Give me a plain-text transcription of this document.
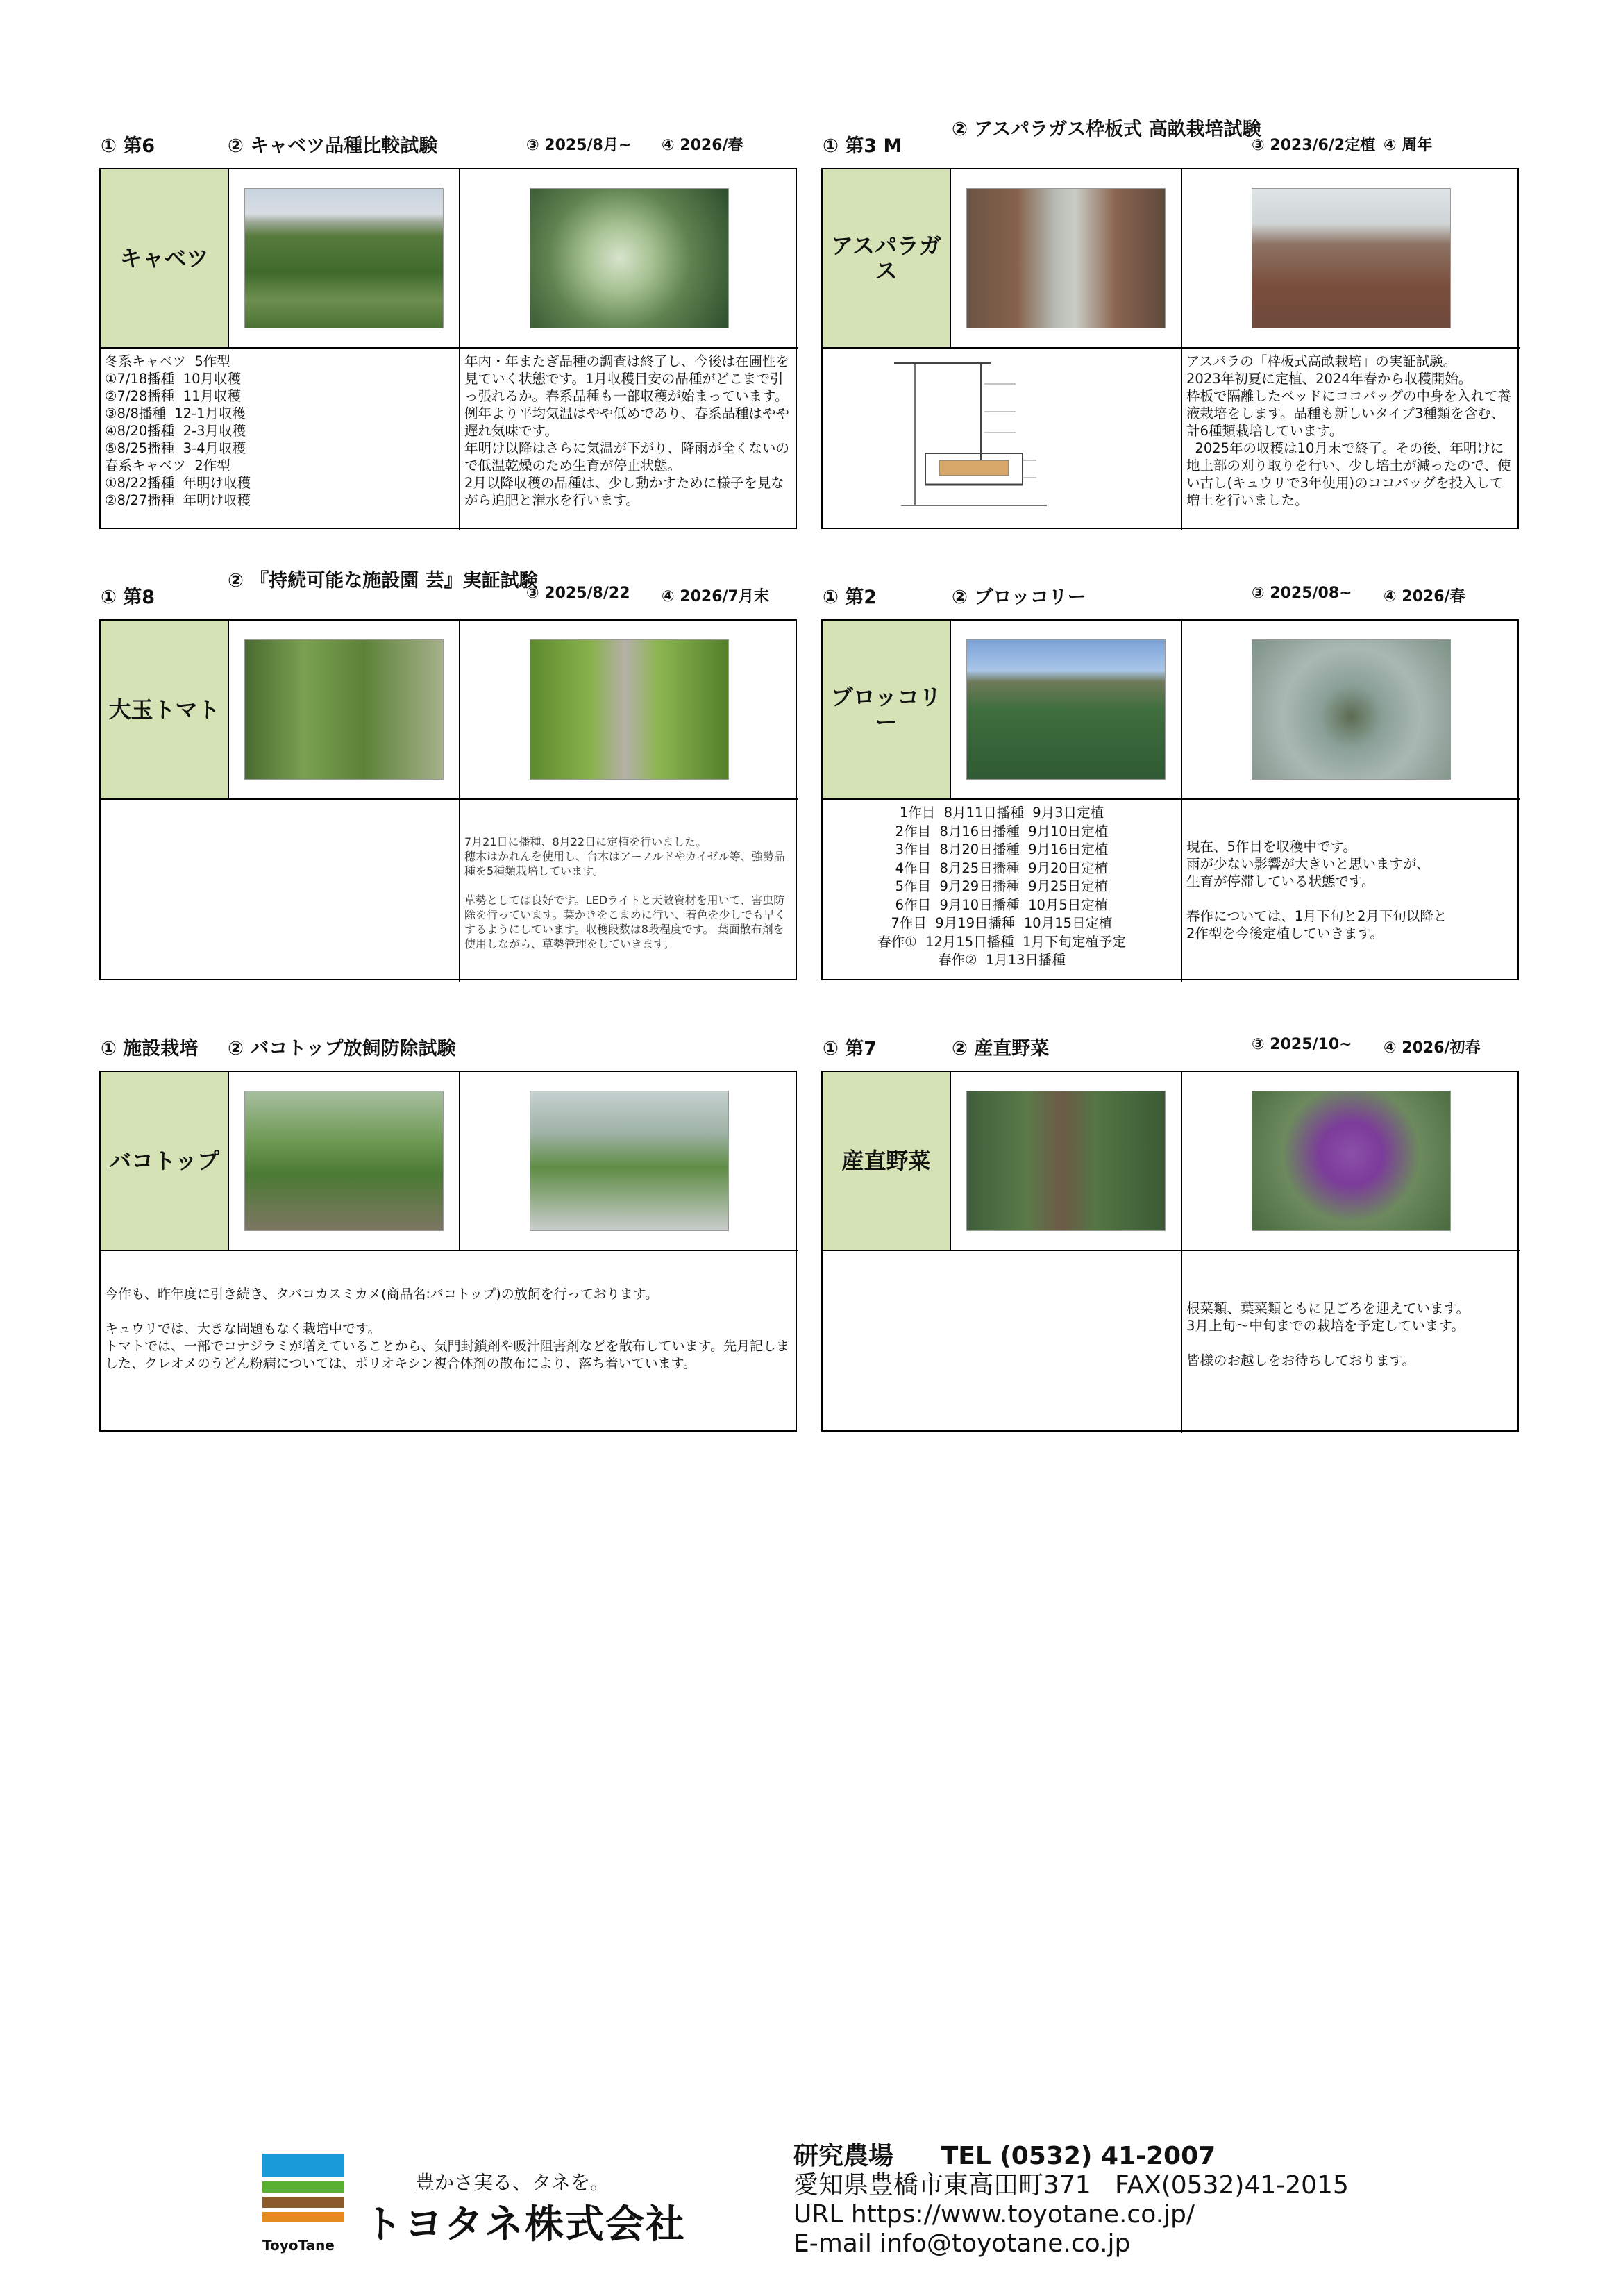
① 第6	② キャベツ品種比較試験	③ 2025/8月~ ④ 2026/春
キャベツ
冬系キャベツ  5作型
①7/18播種  10月収穫
②7/28播種  11月収穫
③8/8播種  12-1月収穫
④8/20播種  2-3月収穫
⑤8/25播種  3-4月収穫
春系キャベツ  2作型
①8/22播種  年明け収穫
②8/27播種  年明け収穫
年内・年またぎ品種の調査は終了し、今後は在圃性を見ていく状態です。1月収穫目安の品種がどこまで引っ張れるか。春系品種も一部収穫が始まっています。 例年より平均気温はやや低めであり、春系品種はやや遅れ気味です。
年明け以降はさらに気温が下がり、降雨が全くないので低温乾燥のため生育が停止状態。
2月以降収穫の品種は、少し動かすために様子を見ながら追肥と潅水を行います。
① 第3 M
② アスパラガス枠板式 高畝栽培試験
③ 2023/6/2定植 ④ 周年
アスパラガス
アスパラの「枠板式高畝栽培」の実証試験。
2023年初夏に定植、2024年春から収穫開始。
枠板で隔離したベッドにココバッグの中身を入れて養液栽培をします。品種も新しいタイプ3種類を含む、計6種類栽培しています。
2025年の収穫は10月末で終了。その後、年明けに地上部の刈り取りを行い、少し培土が減ったので、使い古し(キュウリで3年使用)のココバッグを投入して増土を行いました。
① 第8
② 『持続可能な施設園 芸』実証試験
③ 2025/8/22 ④ 2026/7月末
大玉トマト
7月21日に播種、8月22日に定植を行いました。
穂木はかれんを使用し、台木はアーノルドやカイゼル等、強勢品種を5種類栽培しています。

草勢としては良好です。LEDライトと天敵資材を用いて、害虫防除を行っています。葉かきをこまめに行い、着色を少しでも早くするようにしています。収穫段数は8段程度です。 葉面散布剤を使用しながら、草勢管理をしていきます。
① 第2	② ブロッコリー	③ 2025/08~ ④ 2026/春
ブロッコリー
1作目  8月11日播種  9月3日定植
2作目  8月16日播種  9月10日定植
3作目  8月20日播種  9月16日定植
4作目  8月25日播種  9月20日定植
5作目  9月29日播種  9月25日定植
6作目  9月10日播種  10月5日定植
7作目  9月19日播種  10月15日定植
春作①  12月15日播種  1月下旬定植予定
春作②  1月13日播種
現在、5作目を収穫中です。
雨が少ない影響が大きいと思いますが、
生育が停滞している状態です。

春作については、1月下旬と2月下旬以降と
2作型を今後定植していきます。
① 施設栽培 ② バコトップ放飼防除試験
バコトップ
今作も、昨年度に引き続き、タバコカスミカメ(商品名:バコトップ)の放飼を行っております。

キュウリでは、大きな問題もなく栽培中です。
トマトでは、一部でコナジラミが増えていることから、気門封鎖剤や吸汁阻害剤などを散布しています。先月記しました、クレオメのうどん粉病については、ポリオキシン複合体剤の散布により、落ち着いています。
① 第7	② 産直野菜	③ 2025/10~ ④ 2026/初春
産直野菜
根菜類、葉菜類ともに見ごろを迎えています。
3月上旬～中旬までの栽培を予定しています。

皆様のお越しをお待ちしております。
ToyoTane
豊かさ実る、タネを。
トヨタネ株式会社
研究農場 TEL (0532) 41-2007
愛知県豊橋市東高田町371   FAX(0532)41-2015
URL https://www.toyotane.co.jp/
E-mail info@toyotane.co.jp
